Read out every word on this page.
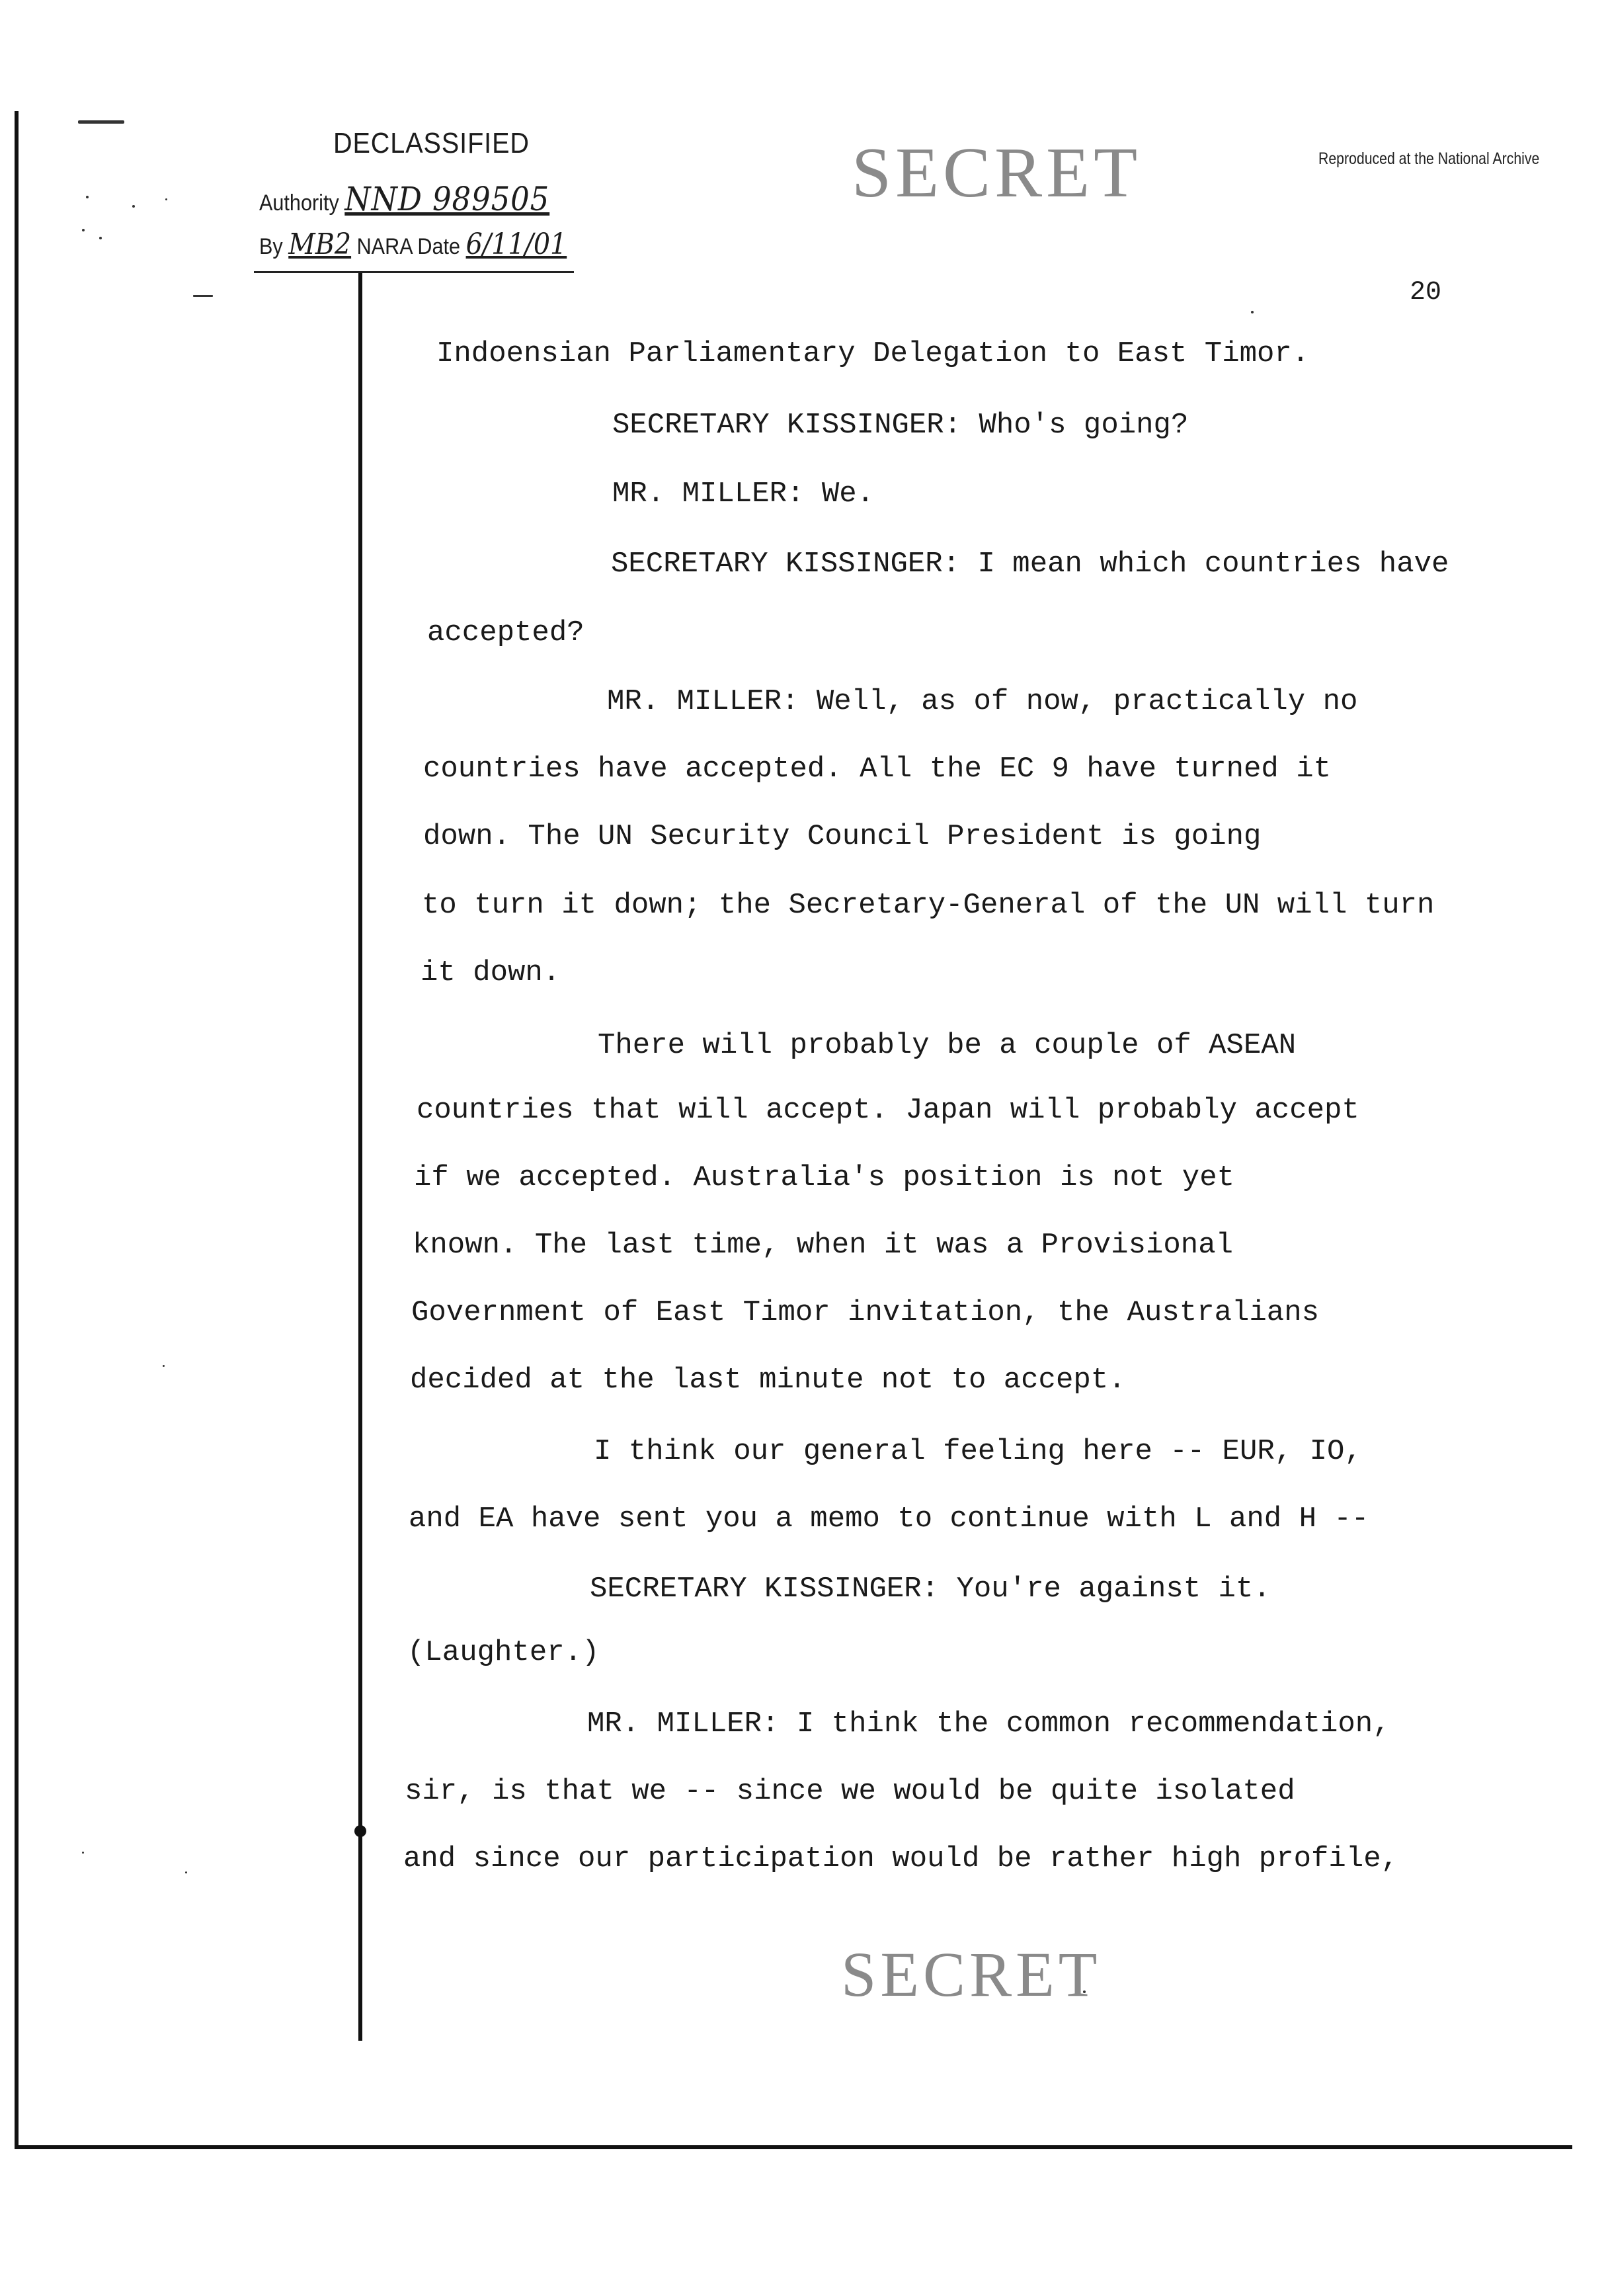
DECLASSIFIED
Authority NND 989505
By MB2 NARA Date 6/11/01
SECRET	Reproduced at the National Archive
20
Indoensian Parliamentary Delegation to East Timor.
SECRETARY KISSINGER: Who's going?
MR. MILLER: We.
SECRETARY KISSINGER: I mean which countries have
accepted?
MR. MILLER: Well, as of now, practically no
countries have accepted. All the EC 9 have turned it
down. The UN Security Council President is going
to turn it down; the Secretary-General of the UN will turn
it down.
There will probably be a couple of ASEAN
countries that will accept. Japan will probably accept
if we accepted. Australia's position is not yet
known. The last time, when it was a Provisional
Government of East Timor invitation, the Australians
decided at the last minute not to accept.
I think our general feeling here -- EUR, IO,
and EA have sent you a memo to continue with L and H --
SECRETARY KISSINGER: You're against it.
(Laughter.)
MR. MILLER: I think the common recommendation,
sir, is that we -- since we would be quite isolated
and since our participation would be rather high profile,
SECRET
